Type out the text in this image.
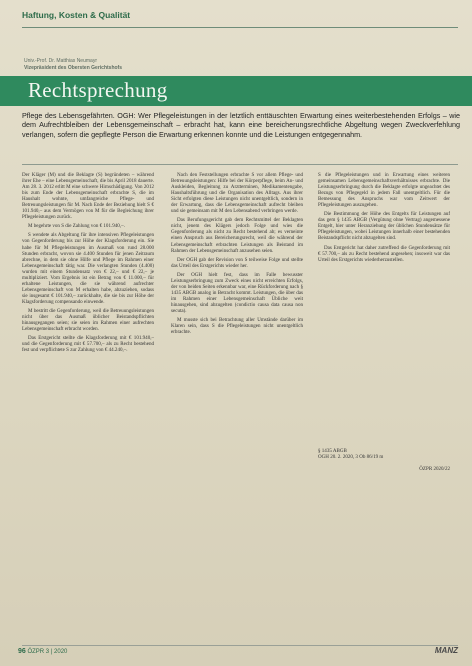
Haftung, Kosten & Qualität
Univ.-Prof. Dr. Matthias Neumayr
Vizepräsident des Obersten Gerichtshofs
Rechtsprechung
Pflege des Lebensgefährten. OGH: Wer Pflegeleistungen in der letztlich enttäuschten Erwartung eines weiterbestehenden Erfolgs – wie dem Aufrechtbleiben der Lebensgemeinschaft – erbracht hat, kann eine bereicherungsrechtliche Abgeltung wegen Zweckverfehlung verlangen, sofern die gepflegte Person die Erwartung erkennen konnte und die Leistungen entgegennahm.

Der Kläger (M) und die Beklagte (S) begründeten – während ihrer Ehe – eine Lebensgemeinschaft, die bis April 2018 dauerte. Am 28. 3. 2012 erlitt M eine schwere Hirnschädigung. Von 2012 bis zum Ende der Lebensgemeinschaft erbrachte S, die im Haushalt wohnte, umfangreiche Pflege- und Betreuungsleistungen für M. Nach Ende der Beziehung hielt S € 101.940,– aus dem Vermögen von M für die Begleichung ihrer Pflegeleistungen zurück.

M begehrte von S die Zahlung von € 101.940,–.

S wendete als Abgeltung für ihre intensiven Pflegeleistungen von Gegenforderung bis zur Höhe der Klagsforderung ein. Sie habe für M Pflegeleistungen im Ausmaß von rund 28.000 Stunden erbracht, wovon sie 4.400 Stunden für jenen Zeitraum abrechne, in dem sie ohne Hilfe und Pflege im Rahmen einer Lebensgemeinschaft tätig war. Die verlangten Stunden (4.400) wurden mit einem Stundensatz von € 22,– und € 22,– je multipliziert. Vom Ergebnis ist ein Betrag von € 11.000,– für erhaltene Leistungen, die sie während aufrechter Lebensgemeinschaft von M erhalten habe, abzuziehen, sodass sie insgesamt € 101.940,– zurückhalte, die sie bis zur Höhe der Klagsforderung compensando einwende.

M bestritt die Gegenforderung, weil die Betreuungsleistungen nicht über das Ausmaß üblicher Beistandspflichten hinausgegangen seien; sie seien im Rahmen einer aufrechten Lebensgemeinschaft erbracht worden.

Das Erstgericht stellte die Klagsforderung mit € 101.940,– und die Gegenforderung mit € 57.700,– als zu Recht bestehend fest und verpflichtete S zur Zahlung von € 44.240,–.

Nach den Feststellungen erbrachte S vor allem Pflege- und Betreuungsleistungen: Hilfe bei der Körperpflege, beim An- und Auskleiden, Begleitung zu Arztterminen, Medikamentengabe, Haushaltsführung und die Organisation des Alltags. Aus ihrer Sicht erfolgten diese Leistungen nicht unentgeltlich, sondern in der Erwartung, dass die Lebensgemeinschaft aufrecht bleiben und sie gemeinsam mit M den Lebensabend verbringen werde.

Das Berufungsgericht gab dem Rechtsmittel der Beklagten nicht, jenem des Klägers jedoch Folge und wies die Gegenforderung als nicht zu Recht bestehend ab; es verneinte einen Anspruch aus Bereicherungsrecht, weil die während der Lebensgemeinschaft erbrachten Leistungen als Beistand im Rahmen der Lebensgemeinschaft anzusehen seien.

Der OGH gab der Revision von S teilweise Folge und stellte das Urteil des Erstgerichts wieder her.

Der OGH hielt fest, dass im Falle bewusster Leistungserbringung zum Zweck eines nicht erreichten Erfolgs, der von beiden Seiten erkennbar war, eine Rückforderung nach § 1435 ABGB analog in Betracht kommt. Leistungen, die über das im Rahmen einer Lebensgemeinschaft Übliche weit hinausgehen, sind abzugelten (condictio causa data causa non secuta).

M musste sich bei Betrachtung aller Umstände darüber im Klaren sein, dass S die Pflegeleistungen nicht unentgeltlich erbrachte.

S die Pflegeleistungen und in Erwartung eines weiteren gemeinsamen Lebensgemeinschaftsverhältnisses erbrachte. Die Leistungserbringung durch die Beklagte erfolgte ungeachtet des Bezugs von Pflegegeld in jedem Fall unentgeltlich. Für die Bemessung des Anspruchs war vom Zeitwert der Pflegeleistungen auszugehen.

Die Bestimmung der Höhe des Entgelts für Leistungen auf das gem § 1435 ABGB (Vergütung ohne Vertrag) angemessene Entgelt, hier unter Heranziehung der üblichen Stundensätze für Pflegeleistungen, wobei Leistungen innerhalb einer bestehenden Beistandspflicht nicht abzugelten sind.

Das Erstgericht hat daher zutreffend die Gegenforderung mit € 57.700,– als zu Recht bestehend angesehen; insoweit war das Urteil des Erstgerichts wiederherzustellen.

§ 1435 ABGB
OGH 20. 2. 2020, 3 Ob 86/19 m
ÖZPR 2020/22
96 ÖZPR 3 | 2020	MANZ
